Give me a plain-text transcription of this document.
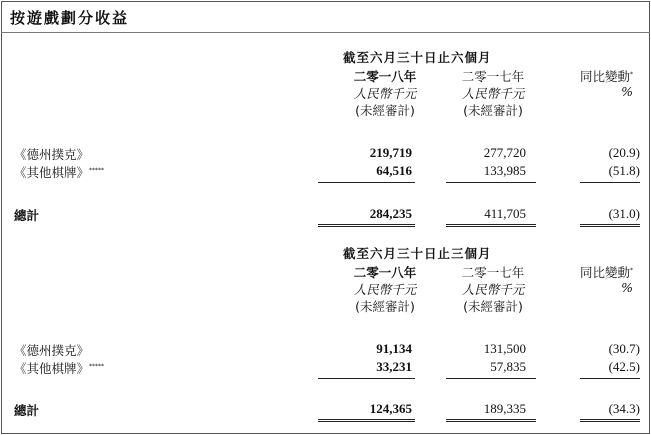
按遊戲劃分收益
截至六月三十日止六個月
二零一八年
人民幣千元
(未經審計)
二零一七年
人民幣千元
(未經審計)
同比變動*
%
《德州撲克》	219,719	277,720	(20.9)
《其他棋牌》*****	64,516	133,985	(51.8)
總計	284,235	411,705	(31.0)
截至六月三十日止三個月
二零一八年
人民幣千元
(未經審計)
二零一七年
人民幣千元
(未經審計)
同比變動*
%
《德州撲克》	91,134	131,500	(30.7)
《其他棋牌》*****	33,231	57,835	(42.5)
總計	124,365	189,335	(34.3)
